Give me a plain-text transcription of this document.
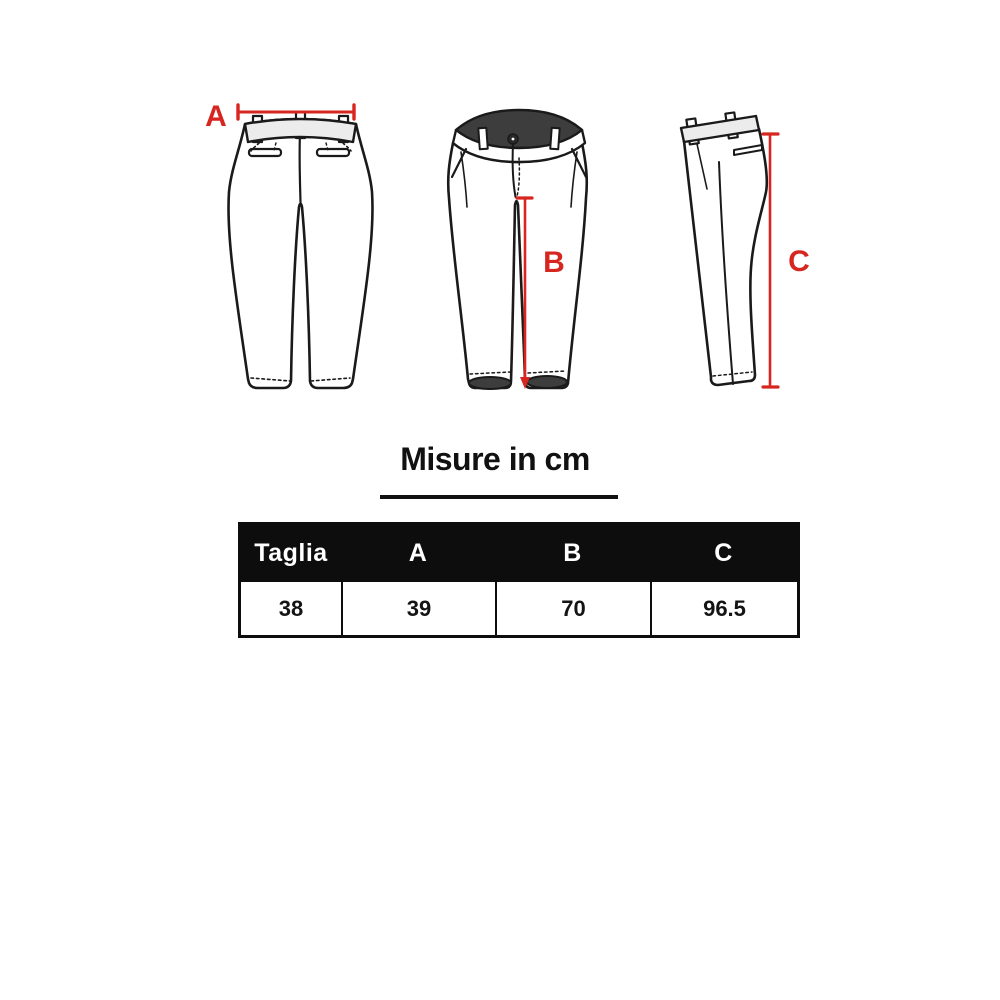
A
B	C
Misure in cm
Taglia	A	B	C
38	39	70	96.5
